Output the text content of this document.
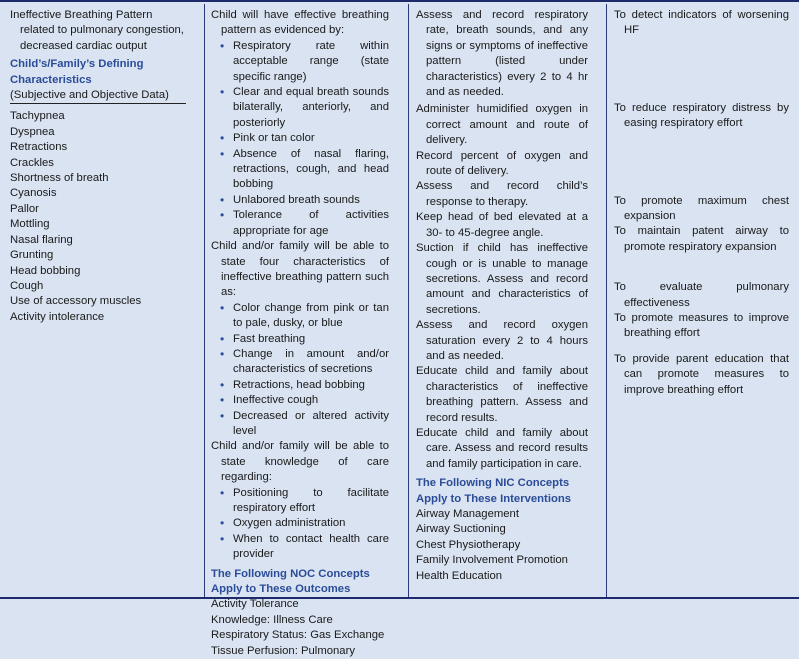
Ineffective Breathing Pattern related to pulmonary congestion, decreased cardiac output
Child’s/Family’s Defining
Characteristics
(Subjective and Objective Data)
Tachypnea
Dyspnea
Retractions
Crackles
Shortness of breath
Cyanosis
Pallor
Mottling
Nasal flaring
Grunting
Head bobbing
Cough
Use of accessory muscles
Activity intolerance
Child will have effective breathing pattern as evidenced by:
• Respiratory rate within acceptable range (state specific range)
• Clear and equal breath sounds bilaterally, anteriorly, and posteriorly
• Pink or tan color
• Absence of nasal flaring, retractions, cough, and head bobbing
• Unlabored breath sounds
• Tolerance of activities appropriate for age
Child and/or family will be able to state four characteristics of ineffective breathing pattern such as:
• Color change from pink or tan to pale, dusky, or blue
• Fast breathing
• Change in amount and/or characteristics of secretions
• Retractions, head bobbing
• Ineffective cough
• Decreased or altered activity level
Child and/or family will be able to state knowledge of care regarding:
• Positioning to facilitate respiratory effort
• Oxygen administration
• When to contact health care provider
The Following NOC Concepts
Apply to These Outcomes
Activity Tolerance
Knowledge: Illness Care
Respiratory Status: Gas Exchange
Tissue Perfusion: Pulmonary
Assess and record respiratory rate, breath sounds, and any signs or symptoms of ineffective pattern (listed under characteristics) every 2 to 4 hr and as needed.
Administer humidified oxygen in correct amount and route of delivery.
Record percent of oxygen and route of delivery.
Assess and record child’s response to therapy.
Keep head of bed elevated at a 30- to 45-degree angle.
Suction if child has ineffective cough or is unable to manage secretions. Assess and record amount and characteristics of secretions.
Assess and record oxygen saturation every 2 to 4 hours and as needed.
Educate child and family about characteristics of ineffective breathing pattern. Assess and record results.
Educate child and family about care. Assess and record results and family participation in care.
The Following NIC Concepts
Apply to These Interventions
Airway Management
Airway Suctioning
Chest Physiotherapy
Family Involvement Promotion
Health Education
To detect indicators of worsening HF
To reduce respiratory distress by easing respiratory effort
To promote maximum chest expansion
To maintain patent airway to promote respiratory expansion
To evaluate pulmonary effectiveness
To promote measures to improve breathing effort
To provide parent education that can promote measures to improve breathing effort
